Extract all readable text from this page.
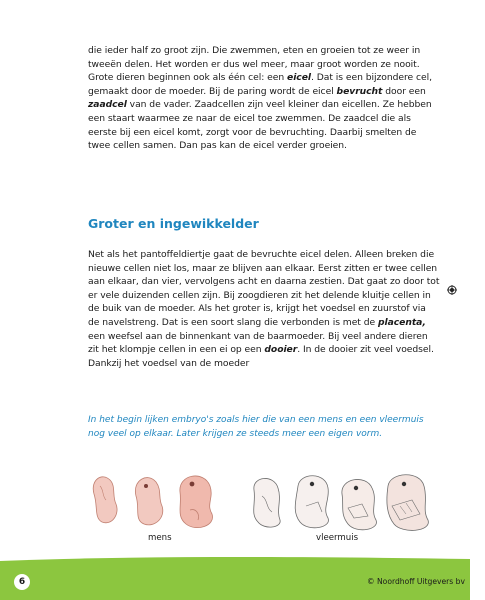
die ieder half zo groot zijn. Die zwemmen, eten en groeien tot ze weer in tweeën delen. Het worden er dus wel meer, maar groot worden ze nooit.

Grote dieren beginnen ook als één cel: een eicel. Dat is een bijzondere cel, gemaakt door de moeder. Bij de paring wordt de eicel bevrucht door een zaadcel van de vader. Zaadcellen zijn veel kleiner dan eicellen. Ze hebben een staart waarmee ze naar de eicel toe zwemmen. De zaadcel die als eerste bij een eicel komt, zorgt voor de bevruchting. Daarbij smelten de twee cellen samen. Dan pas kan de eicel verder groeien.

Groter en ingewikkelder

Net als het pantoffeldiertje gaat de bevruchte eicel delen. Alleen breken die nieuwe cellen niet los, maar ze blijven aan elkaar. Eerst zitten er twee cellen aan elkaar, dan vier, vervolgens acht en daarna zestien. Dat gaat zo door tot er vele duizenden cellen zijn. Bij zoogdieren zit het delende kluitje cellen in de buik van de moeder. Als het groter is, krijgt het voedsel en zuurstof via de navelstreng. Dat is een soort slang die verbonden is met de placenta, een weefsel aan de binnenkant van de baarmoeder. Bij veel andere dieren zit het klompje cellen in een ei op een dooier. In de dooier zit veel voedsel. Dankzij het voedsel van de moeder

In het begin lijken embryo's zoals hier die van een mens en een vleermuis nog veel op elkaar. Later krijgen ze steeds meer een eigen vorm.
mens	vleermuis
6	© Noordhoff Uitgevers bv
